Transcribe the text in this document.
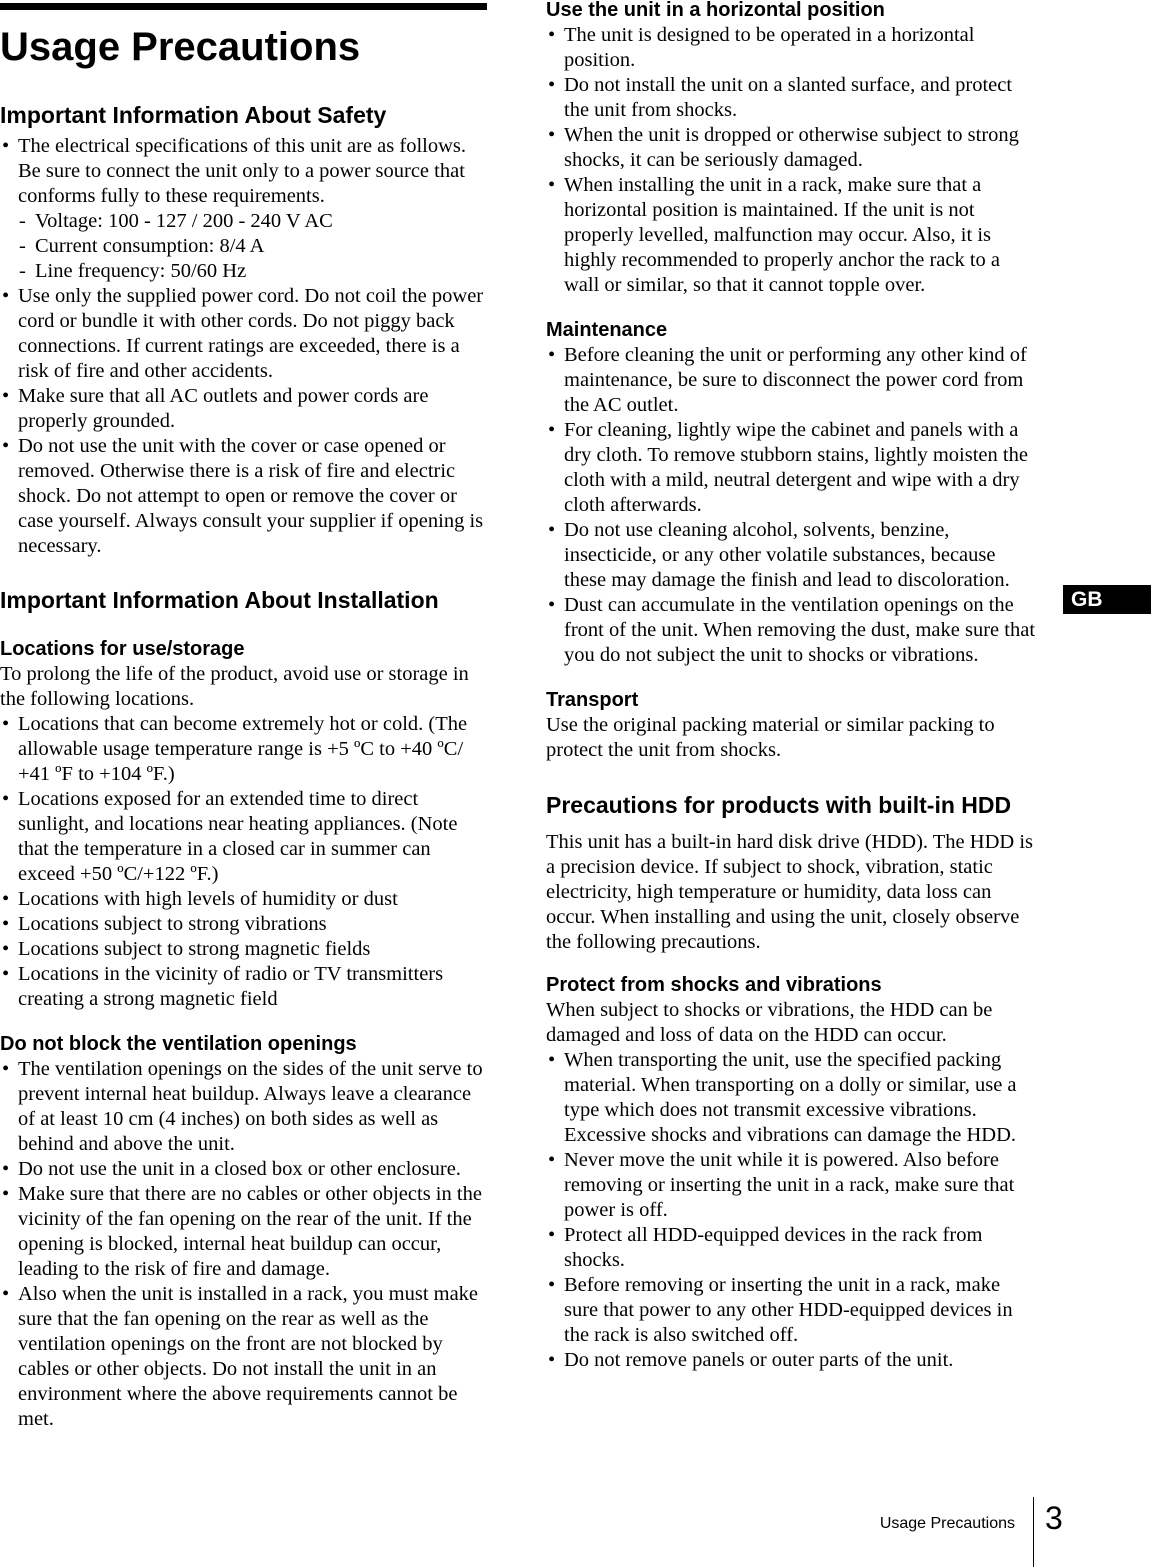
Usage Precautions
Important Information About Safety
• The electrical specifications of this unit are as follows. Be sure to connect the unit only to a power source that conforms fully to these requirements.
- Voltage: 100 - 127 / 200 - 240 V AC
- Current consumption: 8/4 A
- Line frequency: 50/60 Hz
• Use only the supplied power cord. Do not coil the power cord or bundle it with other cords. Do not piggy back connections. If current ratings are exceeded, there is a risk of fire and other accidents.
• Make sure that all AC outlets and power cords are properly grounded.
• Do not use the unit with the cover or case opened or removed. Otherwise there is a risk of fire and electric shock. Do not attempt to open or remove the cover or case yourself. Always consult your supplier if opening is necessary.
Important Information About Installation
Locations for use/storage

To prolong the life of the product, avoid use or storage in the following locations.

• Locations that can become extremely hot or cold. (The allowable usage temperature range is +5 ºC to +40 ºC/ +41 ºF to +104 ºF.)
• Locations exposed for an extended time to direct sunlight, and locations near heating appliances. (Note that the temperature in a closed car in summer can exceed +50 ºC/+122 ºF.)
• Locations with high levels of humidity or dust
• Locations subject to strong vibrations
• Locations subject to strong magnetic fields
• Locations in the vicinity of radio or TV transmitters creating a strong magnetic field
Do not block the ventilation openings
• The ventilation openings on the sides of the unit serve to prevent internal heat buildup. Always leave a clearance of at least 10 cm (4 inches) on both sides as well as behind and above the unit.
• Do not use the unit in a closed box or other enclosure.
• Make sure that there are no cables or other objects in the vicinity of the fan opening on the rear of the unit. If the opening is blocked, internal heat buildup can occur, leading to the risk of fire and damage.
• Also when the unit is installed in a rack, you must make sure that the fan opening on the rear as well as the ventilation openings on the front are not blocked by cables or other objects. Do not install the unit in an environment where the above requirements cannot be met.
Use the unit in a horizontal position
• The unit is designed to be operated in a horizontal position.
• Do not install the unit on a slanted surface, and protect the unit from shocks.
• When the unit is dropped or otherwise subject to strong shocks, it can be seriously damaged.
• When installing the unit in a rack, make sure that a horizontal position is maintained. If the unit is not properly levelled, malfunction may occur. Also, it is highly recommended to properly anchor the rack to a wall or similar, so that it cannot topple over.
Maintenance
• Before cleaning the unit or performing any other kind of maintenance, be sure to disconnect the power cord from the AC outlet.
• For cleaning, lightly wipe the cabinet and panels with a dry cloth. To remove stubborn stains, lightly moisten the cloth with a mild, neutral detergent and wipe with a dry cloth afterwards.
• Do not use cleaning alcohol, solvents, benzine, insecticide, or any other volatile substances, because these may damage the finish and lead to discoloration.
• Dust can accumulate in the ventilation openings on the front of the unit. When removing the dust, make sure that you do not subject the unit to shocks or vibrations.
Transport

Use the original packing material or similar packing to protect the unit from shocks.

Precautions for products with built-in HDD

This unit has a built-in hard disk drive (HDD). The HDD is a precision device. If subject to shock, vibration, static electricity, high temperature or humidity, data loss can occur. When installing and using the unit, closely observe the following precautions.

Protect from shocks and vibrations

When subject to shocks or vibrations, the HDD can be damaged and loss of data on the HDD can occur.

• When transporting the unit, use the specified packing material. When transporting on a dolly or similar, use a type which does not transmit excessive vibrations. Excessive shocks and vibrations can damage the HDD.
• Never move the unit while it is powered. Also before removing or inserting the unit in a rack, make sure that power is off.
• Protect all HDD-equipped devices in the rack from shocks.
• Before removing or inserting the unit in a rack, make sure that power to any other HDD-equipped devices in the rack is also switched off.
• Do not remove panels or outer parts of the unit.
GB
Usage Precautions 3
